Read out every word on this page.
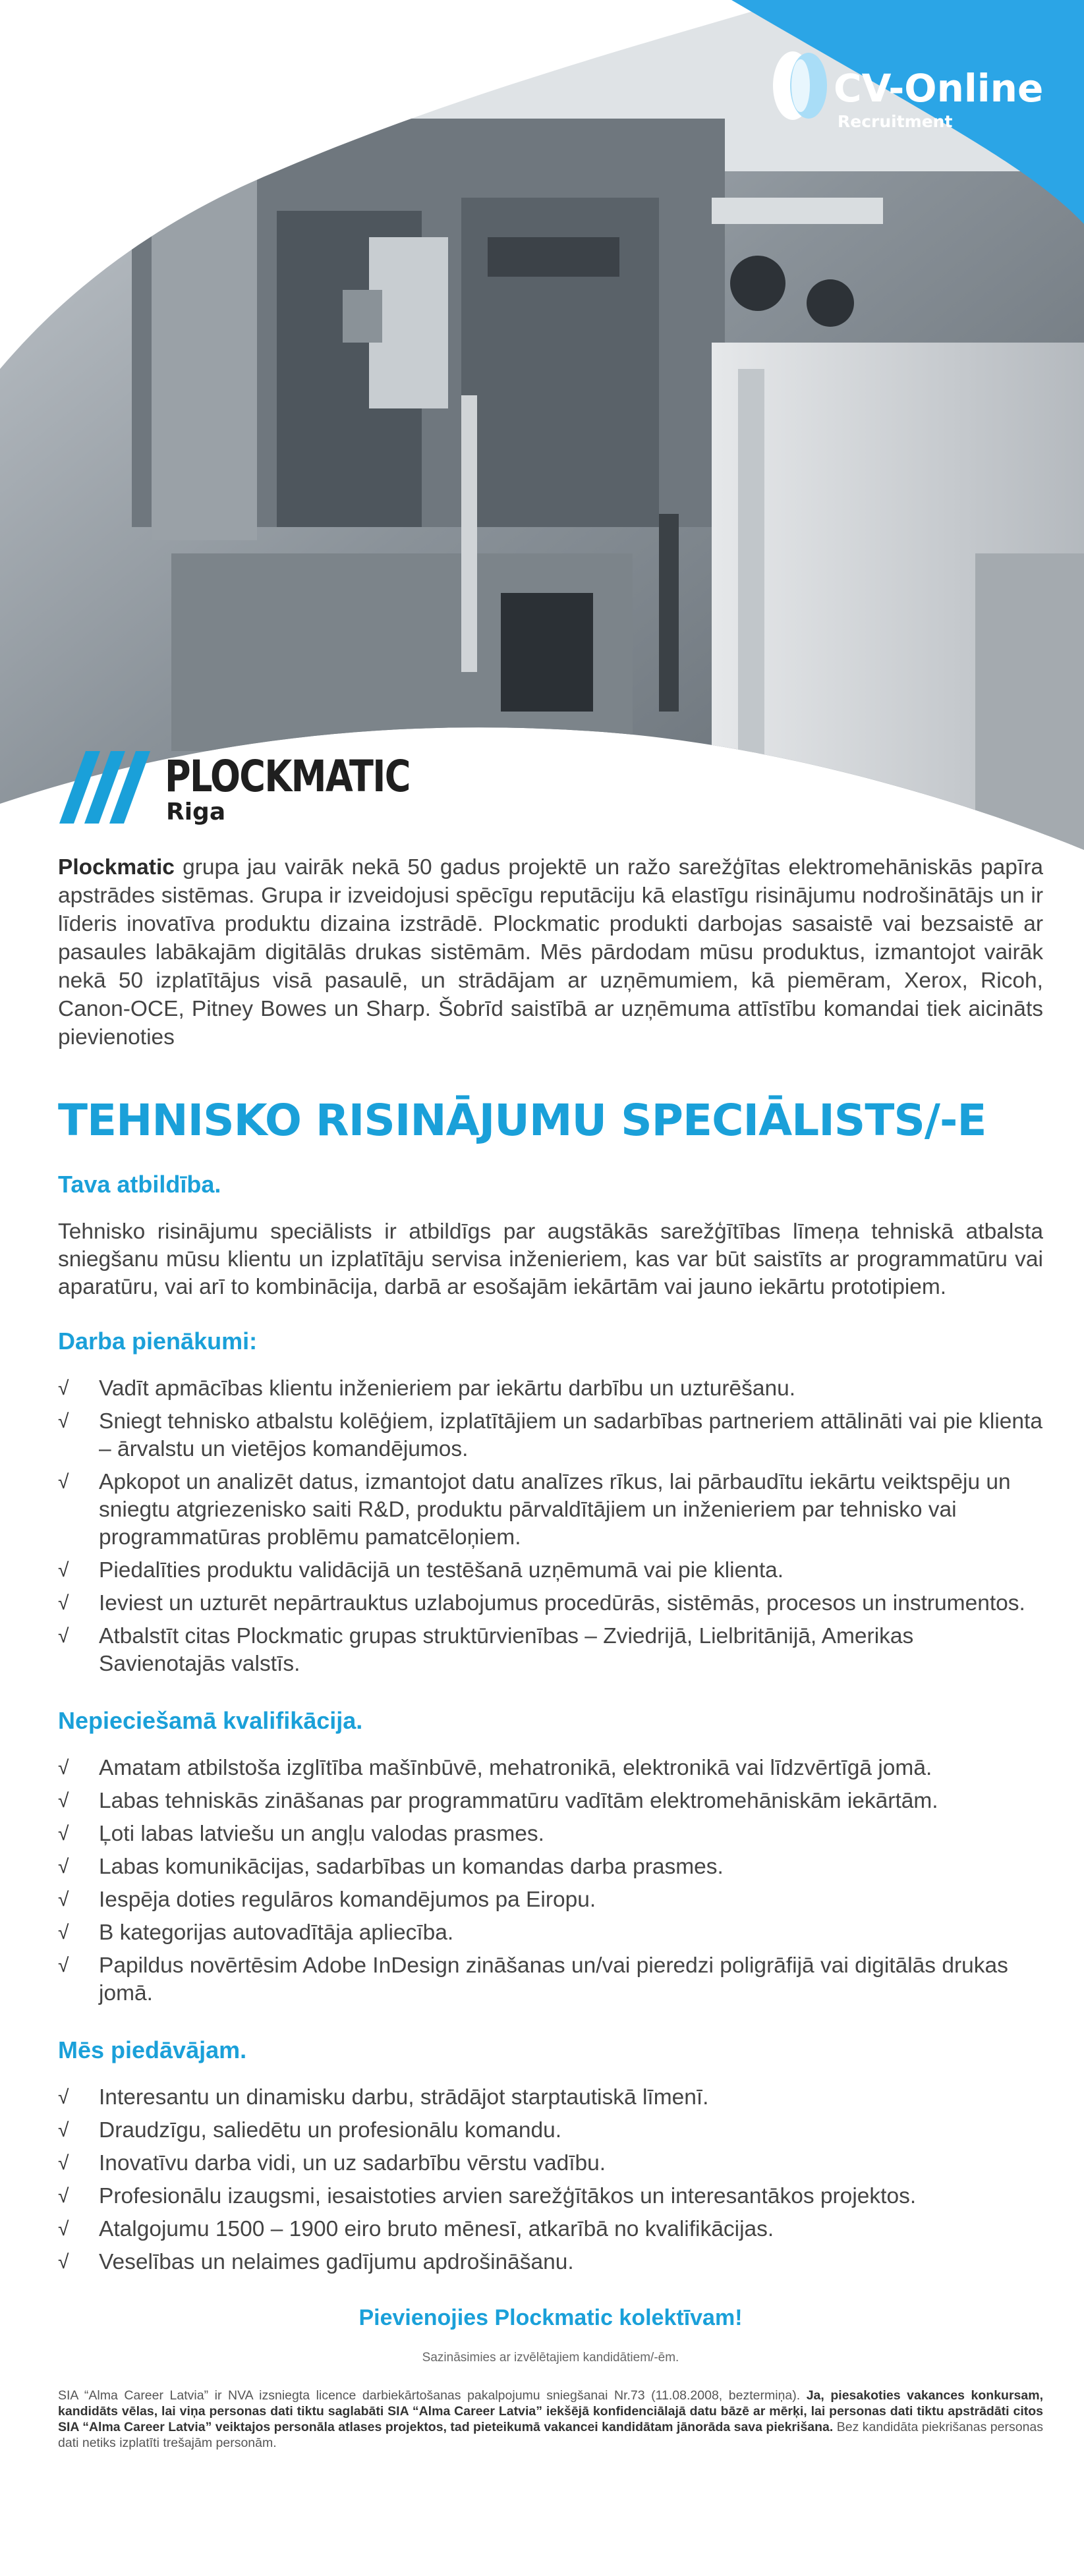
CV-Online
Recruitment
PLOCKMATIC
Riga

Plockmatic grupa jau vairāk nekā 50 gadus projektē un ražo sarežģītas elektromehāniskās papīra apstrādes sistēmas. Grupa ir izveidojusi spēcīgu reputāciju kā elastīgu risinājumu nodrošinātājs un ir līderis inovatīva produktu dizaina izstrādē. Plockmatic produkti darbojas sasaistē vai bezsaistē ar pasaules labākajām digitālās drukas sistēmām. Mēs pārdodam mūsu produktus, izmantojot vairāk nekā 50 izplatītājus visā pasaulē, un strādājam ar uzņēmumiem, kā piemēram, Xerox, Ricoh, Canon-OCE, Pitney Bowes un Sharp. Šobrīd saistībā ar uzņēmuma attīstību komandai tiek aicināts pievienoties

TEHNISKO RISINĀJUMU SPECIĀLISTS/-E
Tava atbildība.

Tehnisko risinājumu speciālists ir atbildīgs par augstākās sarežģītības līmeņa tehniskā atbalsta sniegšanu mūsu klientu un izplatītāju servisa inženieriem, kas var būt saistīts ar programmatūru vai aparatūru, vai arī to kombinācija, darbā ar esošajām iekārtām vai jauno iekārtu prototipiem.

Darba pienākumi:
√ Vadīt apmācības klientu inženieriem par iekārtu darbību un uzturēšanu.
√ Sniegt tehnisko atbalstu kolēģiem, izplatītājiem un sadarbības partneriem attālināti vai pie klienta – ārvalstu un vietējos komandējumos.
√ Apkopot un analizēt datus, izmantojot datu analīzes rīkus, lai pārbaudītu iekārtu veiktspēju un sniegtu atgriezenisko saiti R&D, produktu pārvaldītājiem un inženieriem par tehnisko vai programmatūras problēmu pamatcēloņiem.
√ Piedalīties produktu validācijā un testēšanā uzņēmumā vai pie klienta.
√ Ieviest un uzturēt nepārtrauktus uzlabojumus procedūrās, sistēmās, procesos un instrumentos.
√ Atbalstīt citas Plockmatic grupas struktūrvienības – Zviedrijā, Lielbritānijā, Amerikas Savienotajās valstīs.
Nepieciešamā kvalifikācija.
√ Amatam atbilstoša izglītība mašīnbūvē, mehatronikā, elektronikā vai līdzvērtīgā jomā.
√ Labas tehniskās zināšanas par programmatūru vadītām elektromehāniskām iekārtām.
√ Ļoti labas latviešu un angļu valodas prasmes.
√ Labas komunikācijas, sadarbības un komandas darba prasmes.
√ Iespēja doties regulāros komandējumos pa Eiropu.
√ B kategorijas autovadītāja apliecība.
√ Papildus novērtēsim Adobe InDesign zināšanas un/vai pieredzi poligrāfijā vai digitālās drukas jomā.
Mēs piedāvājam.
√ Interesantu un dinamisku darbu, strādājot starptautiskā līmenī.
√ Draudzīgu, saliedētu un profesionālu komandu.
√ Inovatīvu darba vidi, un uz sadarbību vērstu vadību.
√ Profesionālu izaugsmi, iesaistoties arvien sarežģītākos un interesantākos projektos.
√ Atalgojumu 1500 – 1900 eiro bruto mēnesī, atkarībā no kvalifikācijas.
√ Veselības un nelaimes gadījumu apdrošināšanu.
Pievienojies Plockmatic kolektīvam!
Sazināsimies ar izvēlētajiem kandidātiem/-ēm.

SIA “Alma Career Latvia” ir NVA izsniegta licence darbiekārtošanas pakalpojumu sniegšanai Nr.73 (11.08.2008, beztermiņa). Ja, piesakoties vakances konkursam, kandidāts vēlas, lai viņa personas dati tiktu saglabāti SIA “Alma Career Latvia” iekšējā konfidenciālajā datu bāzē ar mērķi, lai personas dati tiktu apstrādāti citos SIA “Alma Career Latvia” veiktajos personāla atlases projektos, tad pieteikumā vakancei kandidātam jānorāda sava piekrišana. Bez kandidāta piekrišanas personas dati netiks izplatīti trešajām personām.
